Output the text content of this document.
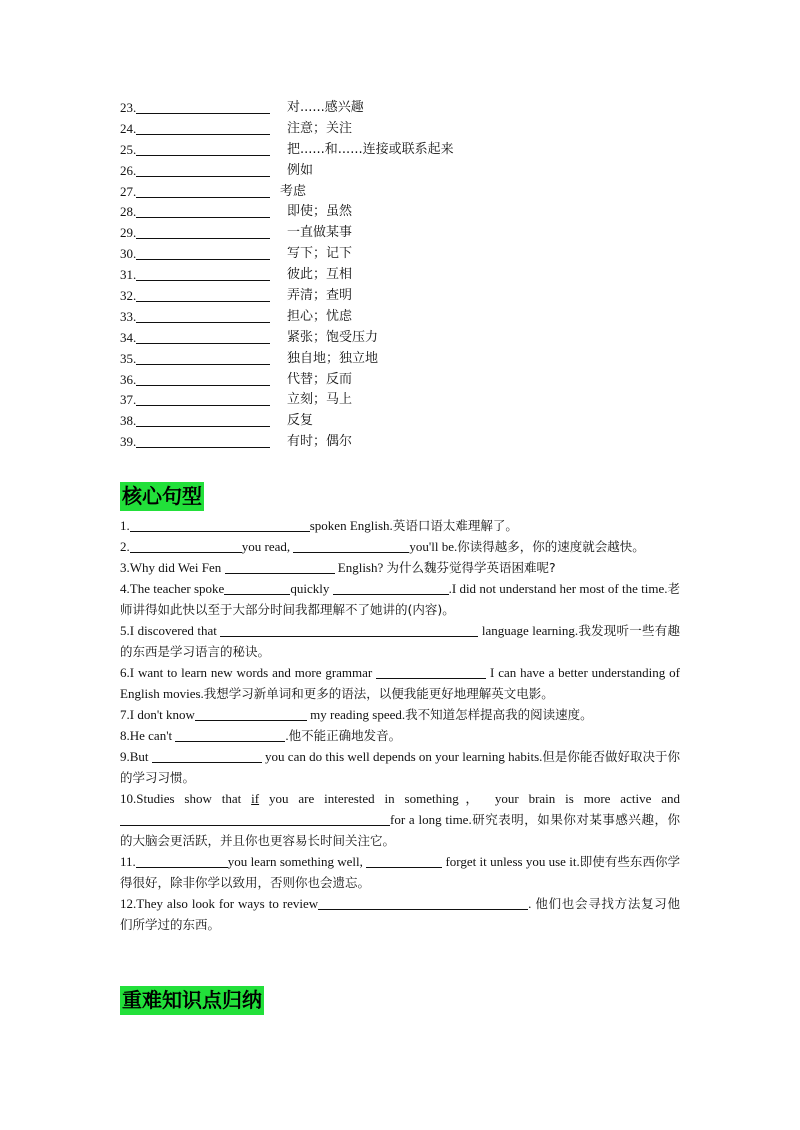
23.	对......感兴趣
24.	注意；关注
25.	把......和......连接或联系起来
26.	例如
27.	考虑
28.	即使；虽然
29.	一直做某事
30.	写下；记下
31.	彼此；互相
32.	弄清；查明
33.	担心；忧虑
34.	紧张；饱受压力
35.	独自地；独立地
36.	代替；反而
37.	立刻；马上
38.	反复
39.	有时；偶尔
核心句型

1.	spoken English.英语口语太难理解了。

2.	you read,	you'll be.你读得越多，你的速度就会越快。

3.Why did Wei Fen	English? 为什么魏芬觉得学英语困难呢?

4.The teacher spoke	quickly	.I did not understand her most of the time.老师讲得如此快以至于大部分时间我都理解不了她讲的(内容)。

5.I discovered that	language learning.我发现听一些有趣的东西是学习语言的秘诀。

6.I want to learn new words and more grammar	I can have a better understanding of English movies.我想学习新单词和更多的语法，以便我能更好地理解英文电影。

7.I don't know	my reading speed.我不知道怎样提高我的阅读速度。

8.He can't	.他不能正确地发音。

9.But	you can do this well depends on your learning habits.但是你能否做好取决于你的学习习惯。

10.Studies show that if you are interested in something， your brain is more active andfor a long time.研究表明，如果你对某事感兴趣，你的大脑会更活跃，并且你也更容易长时间关注它。

11.	you learn something well,	forget it unless you use it.即使有些东西你学得很好，除非你学以致用，否则你也会遗忘。

12.They also look for ways to review	. 他们也会寻找方法复习他们所学过的东西。

重难知识点归纳
